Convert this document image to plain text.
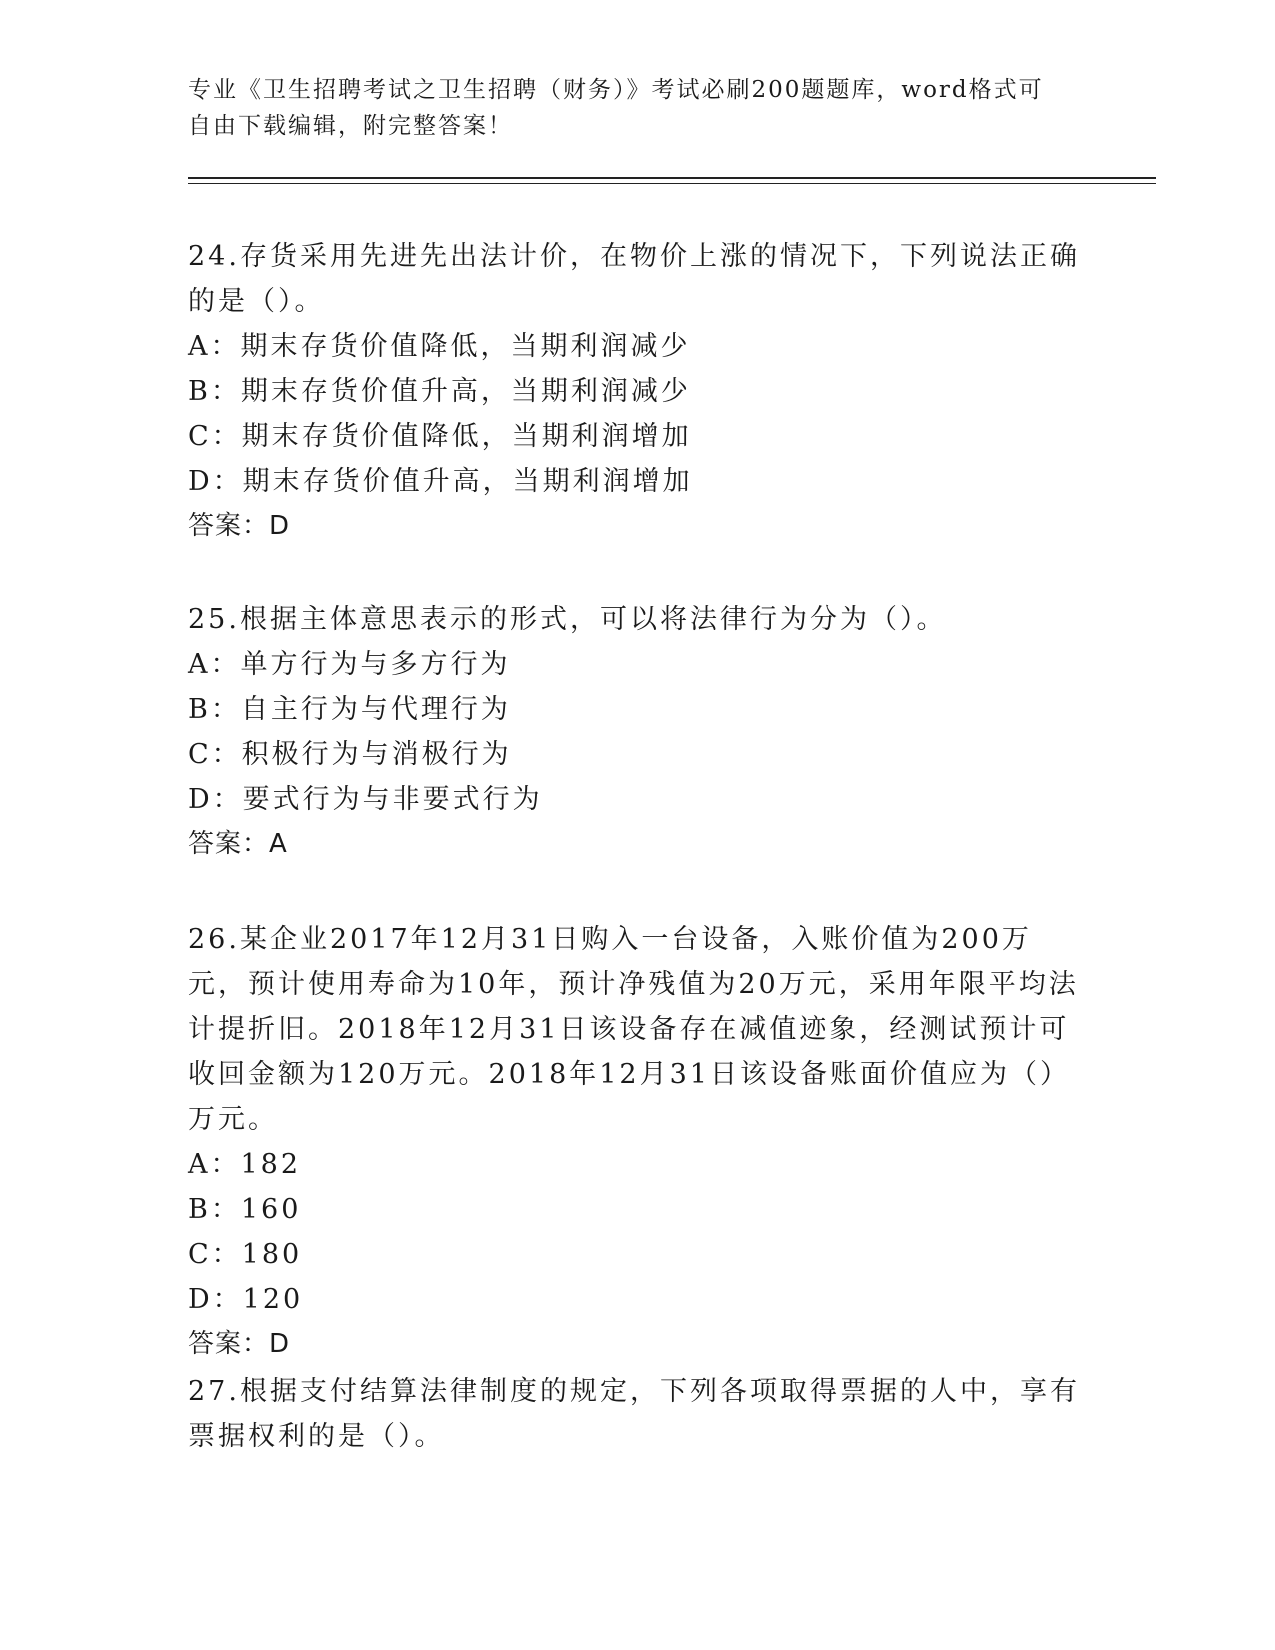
专业《卫生招聘考试之卫生招聘（财务）》考试必刷200题题库，word格式可自由下载编辑，附完整答案！

24.存货采用先进先出法计价，在物价上涨的情况下，下列说法正确的是（）。

A：期末存货价值降低，当期利润减少

B：期末存货价值升高，当期利润减少

C：期末存货价值降低，当期利润增加

D：期末存货价值升高，当期利润增加

答案：D

25.根据主体意思表示的形式，可以将法律行为分为（）。

A：单方行为与多方行为

B：自主行为与代理行为

C：积极行为与消极行为

D：要式行为与非要式行为

答案：A

26.某企业2017年12月31日购入一台设备，入账价值为200万元，预计使用寿命为10年，预计净残值为20万元，采用年限平均法计提折旧。2018年12月31日该设备存在减值迹象，经测试预计可收回金额为120万元。2018年12月31日该设备账面价值应为（）万元。

A：182

B：160

C：180

D：120

答案：D

27.根据支付结算法律制度的规定，下列各项取得票据的人中，享有票据权利的是（）。
